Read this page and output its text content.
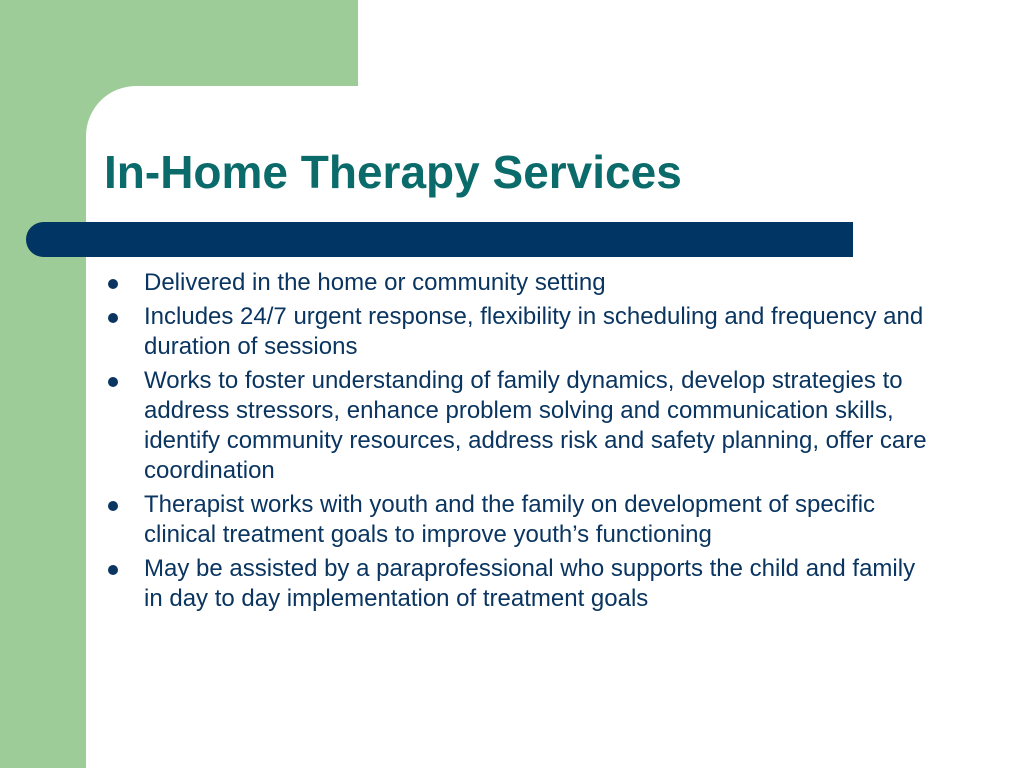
In-Home Therapy Services
Delivered in the home or community setting
Includes 24/7 urgent response, flexibility in scheduling and frequency and duration of sessions
Works to foster understanding of family dynamics, develop strategies to address stressors, enhance problem solving and communication skills, identify community resources, address risk and safety planning, offer care coordination
Therapist works with youth and the family on development of specific clinical treatment goals to improve youth’s functioning
May be assisted by a paraprofessional who supports the child and family in day to day implementation of treatment goals
